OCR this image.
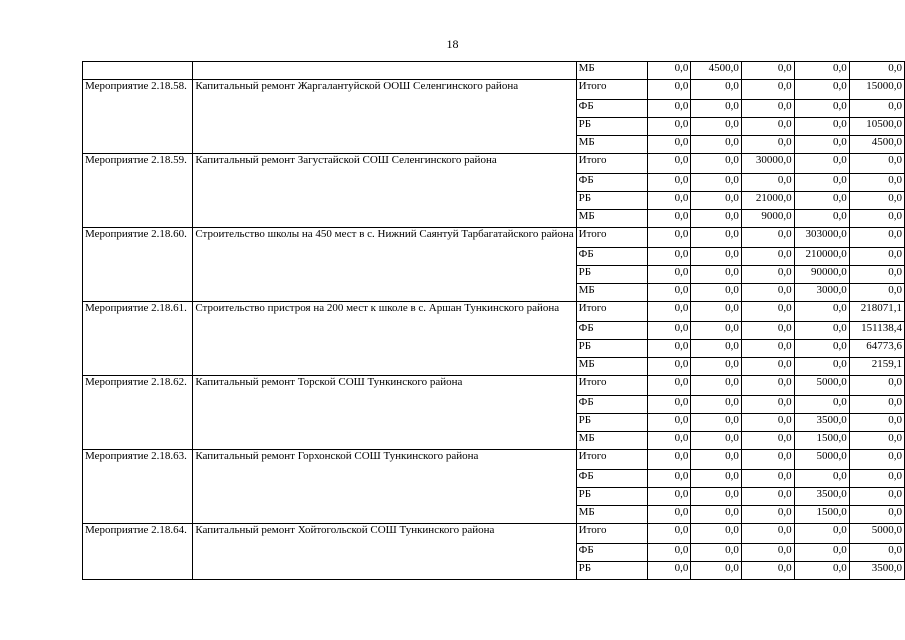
18
		МБ	0,0	4500,0	0,0	0,0	0,0
Мероприятие 2.18.58.	Капитальный ремонт Жаргалантуйской ООШ Селенгинского района	Итого	0,0	0,0	0,0	0,0	15000,0
		ФБ	0,0	0,0	0,0	0,0	0,0
		РБ	0,0	0,0	0,0	0,0	10500,0
		МБ	0,0	0,0	0,0	0,0	4500,0
Мероприятие 2.18.59.	Капитальный ремонт Загустайской СОШ Селенгинского района	Итого	0,0	0,0	30000,0	0,0	0,0
		ФБ	0,0	0,0	0,0	0,0	0,0
		РБ	0,0	0,0	21000,0	0,0	0,0
		МБ	0,0	0,0	9000,0	0,0	0,0
Мероприятие 2.18.60.	Строительство школы на 450 мест в с. Нижний Саянтуй Тарбагатайского района	Итого	0,0	0,0	0,0	303000,0	0,0
		ФБ	0,0	0,0	0,0	210000,0	0,0
		РБ	0,0	0,0	0,0	90000,0	0,0
		МБ	0,0	0,0	0,0	3000,0	0,0
Мероприятие 2.18.61.	Строительство пристроя на 200 мест к школе в с. Аршан Тункинского района	Итого	0,0	0,0	0,0	0,0	218071,1
		ФБ	0,0	0,0	0,0	0,0	151138,4
		РБ	0,0	0,0	0,0	0,0	64773,6
		МБ	0,0	0,0	0,0	0,0	2159,1
Мероприятие 2.18.62.	Капитальный ремонт Торской СОШ Тункинского района	Итого	0,0	0,0	0,0	5000,0	0,0
		ФБ	0,0	0,0	0,0	0,0	0,0
		РБ	0,0	0,0	0,0	3500,0	0,0
		МБ	0,0	0,0	0,0	1500,0	0,0
Мероприятие 2.18.63.	Капитальный ремонт Горхонской СОШ Тункинского района	Итого	0,0	0,0	0,0	5000,0	0,0
		ФБ	0,0	0,0	0,0	0,0	0,0
		РБ	0,0	0,0	0,0	3500,0	0,0
		МБ	0,0	0,0	0,0	1500,0	0,0
Мероприятие 2.18.64.	Капитальный ремонт Хойтогольской СОШ Тункинского района	Итого	0,0	0,0	0,0	0,0	5000,0
		ФБ	0,0	0,0	0,0	0,0	0,0
		РБ	0,0	0,0	0,0	0,0	3500,0
